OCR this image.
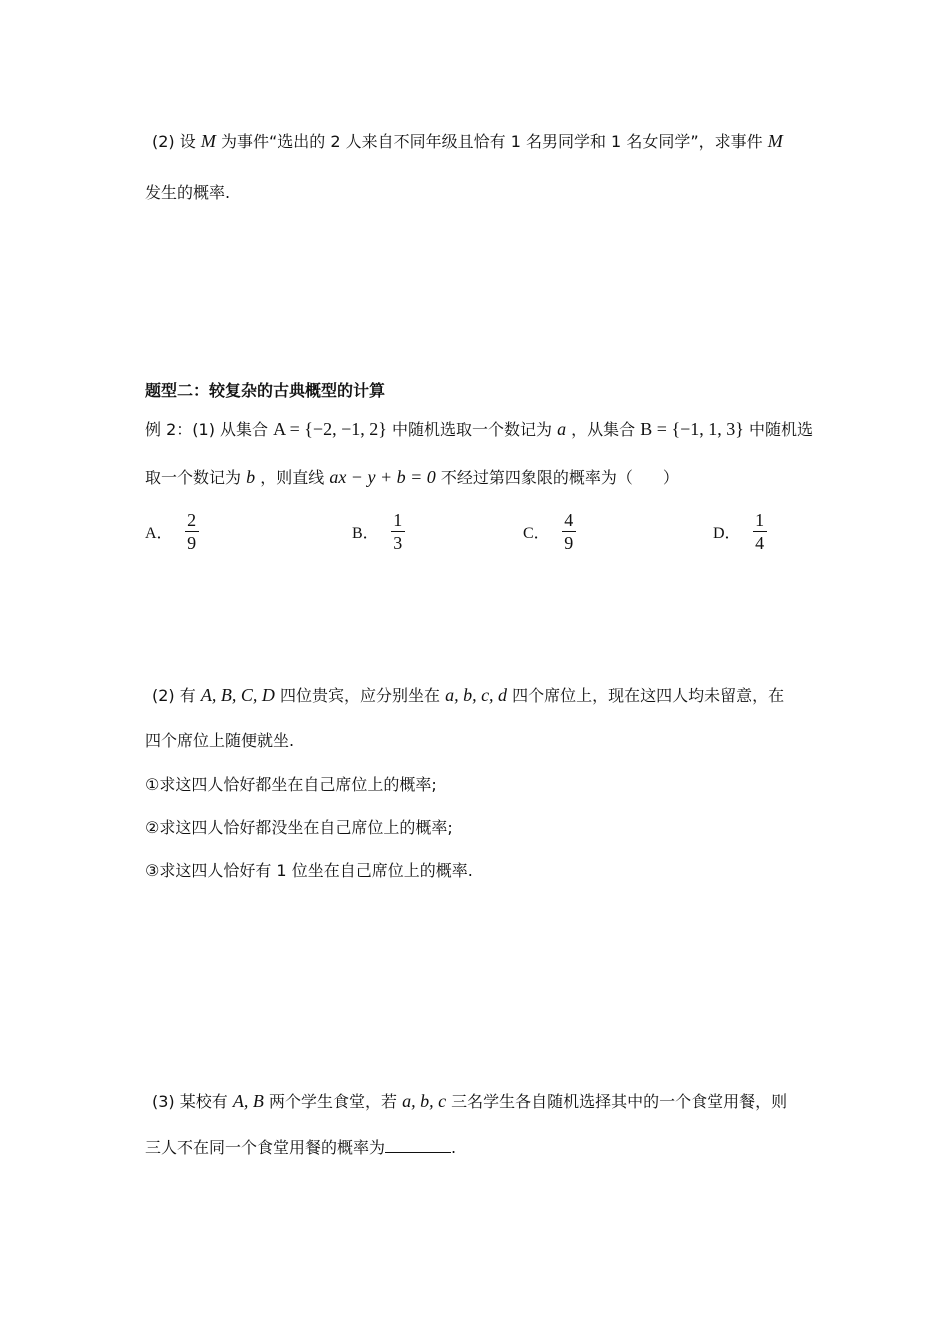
(2) 设 M 为事件“选出的 2 人来自不同年级且恰有 1 名男同学和 1 名女同学”，求事件 M
发生的概率.
题型二：较复杂的古典概型的计算
例 2：(1) 从集合 A = {−2, −1, 2} 中随机选取一个数记为 a ，从集合 B = {−1, 1, 3} 中随机选
取一个数记为 b ，则直线 ax − y + b = 0 不经过第四象限的概率为（ ）
A． $\frac{2}{9}$	B． $\frac{1}{3}$	C． $\frac{4}{9}$	D． $\frac{1}{4}$
(2) 有 A, B, C, D 四位贵宾，应分别坐在 a, b, c, d 四个席位上，现在这四人均未留意，在
四个席位上随便就坐.
①求这四人恰好都坐在自己席位上的概率;
②求这四人恰好都没坐在自己席位上的概率;
③求这四人恰好有 1 位坐在自己席位上的概率.
(3) 某校有 A, B 两个学生食堂，若 a, b, c 三名学生各自随机选择其中的一个食堂用餐，则
三人不在同一个食堂用餐的概率为	.
